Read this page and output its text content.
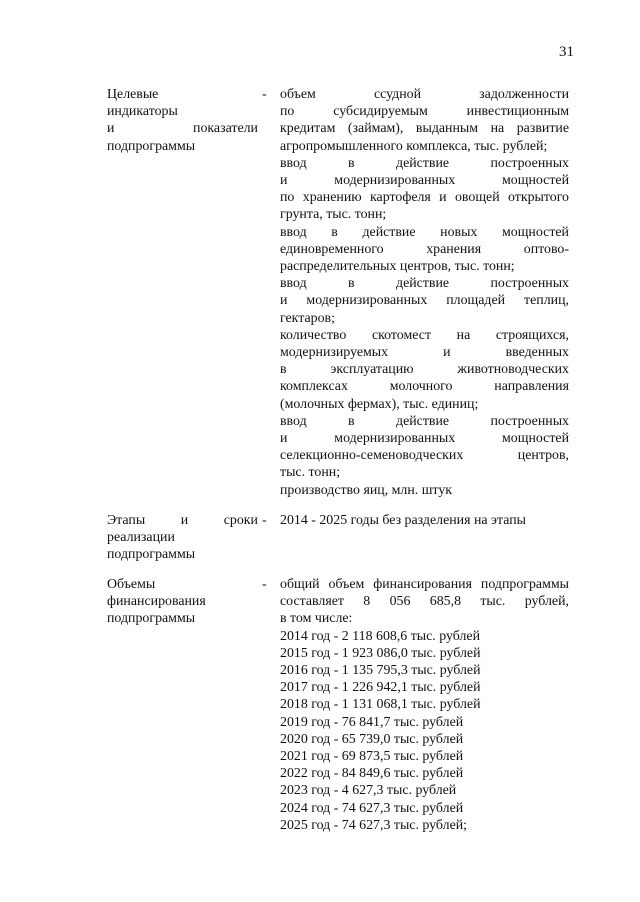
31
Целевые
индикаторы
и показатели
подпрограммы
- объем ссудной задолженности
по субсидируемым инвестиционным
кредитам (займам), выданным на развитие
агропромышленного комплекса, тыс. рублей;
ввод в действие построенных
и модернизированных мощностей
по хранению картофеля и овощей открытого
грунта, тыс. тонн;
ввод в действие новых мощностей
единовременного хранения оптово-
распределительных центров, тыс. тонн;
ввод в действие построенных
и модернизированных площадей теплиц,
гектаров;
количество скотомест на строящихся,
модернизируемых и введенных
в эксплуатацию животноводческих
комплексах молочного направления
(молочных фермах), тыс. единиц;
ввод в действие построенных
и модернизированных мощностей
селекционно-семеноводческих центров,
тыс. тонн;
производство яиц, млн. штук
Этапы и сроки
реализации
подпрограммы
- 2014 - 2025 годы без разделения на этапы
Объемы
финансирования
подпрограммы
- общий объем финансирования подпрограммы
составляет 8 056 685,8 тыс. рублей,
в том числе:
2014 год - 2 118 608,6 тыс. рублей
2015 год - 1 923 086,0 тыс. рублей
2016 год - 1 135 795,3 тыс. рублей
2017 год - 1 226 942,1 тыс. рублей
2018 год - 1 131 068,1 тыс. рублей
2019 год - 76 841,7 тыс. рублей
2020 год - 65 739,0 тыс. рублей
2021 год - 69 873,5 тыс. рублей
2022 год - 84 849,6 тыс. рублей
2023 год - 4 627,3 тыс. рублей
2024 год - 74 627,3 тыс. рублей
2025 год - 74 627,3 тыс. рублей;
